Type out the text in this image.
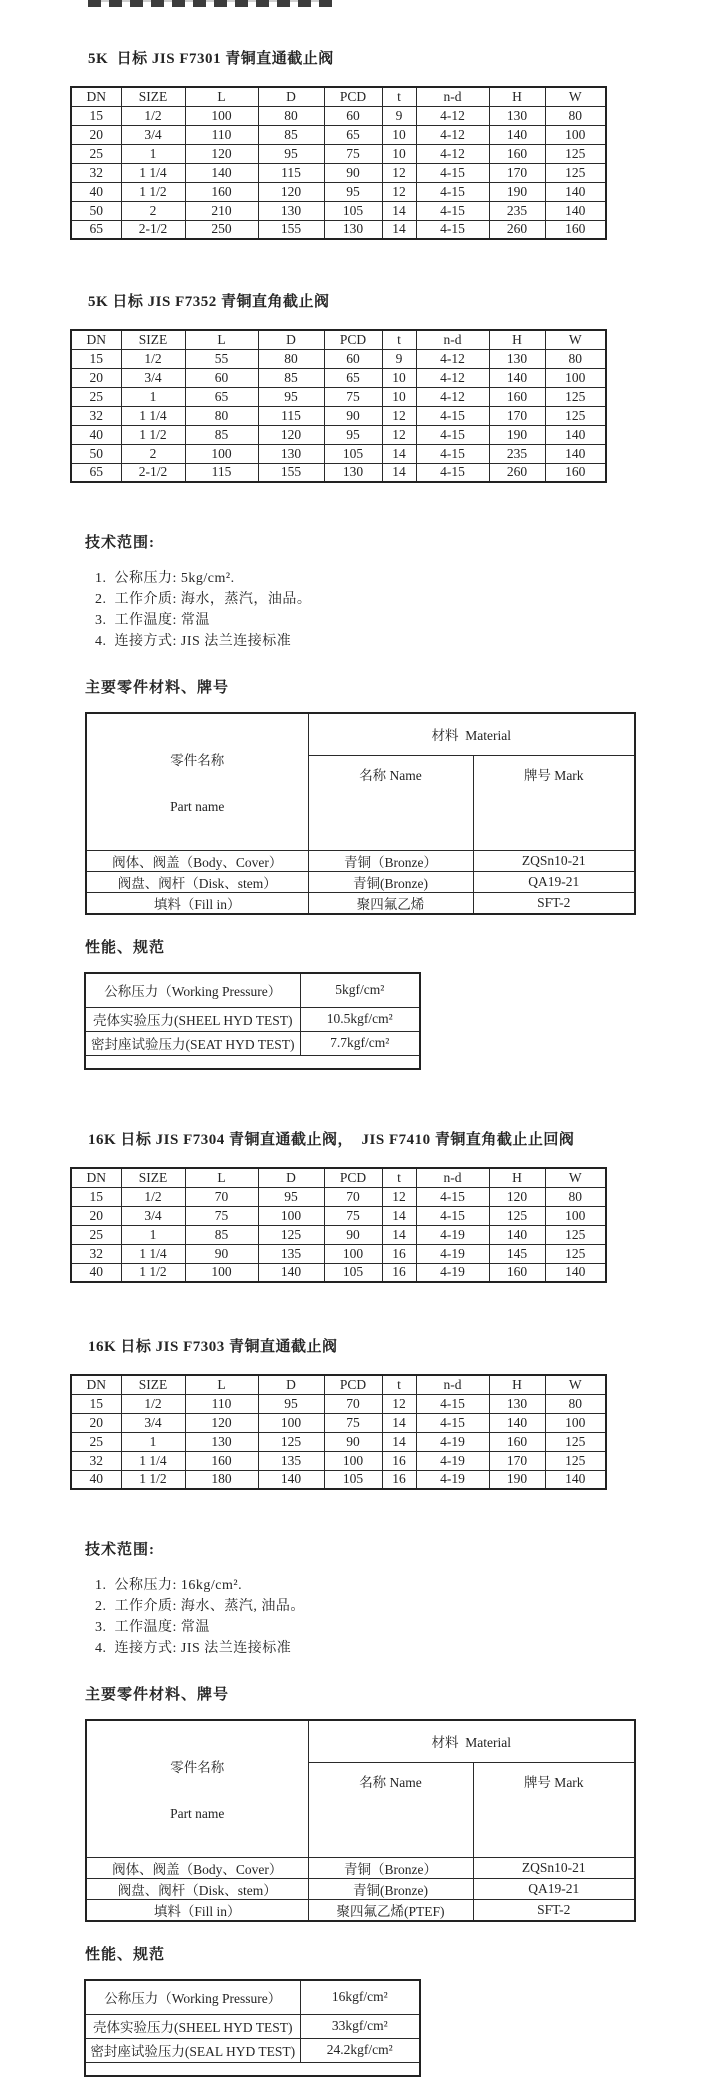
5K  日标 JIS F7301 青铜直通截止阀
DN	SIZE	L	D	PCD	t	n-d	H	W
15	1/2	100	80	60	9	4-12	130	80
20	3/4	110	85	65	10	4-12	140	100
25	1	120	95	75	10	4-12	160	125
32	1 1/4	140	115	90	12	4-15	170	125
40	1 1/2	160	120	95	12	4-15	190	140
50	2	210	130	105	14	4-15	235	140
65	2-1/2	250	155	130	14	4-15	260	160
5K 日标 JIS F7352 青铜直角截止阀
DN	SIZE	L	D	PCD	t	n-d	H	W
15	1/2	55	80	60	9	4-12	130	80
20	3/4	60	85	65	10	4-12	140	100
25	1	65	95	75	10	4-12	160	125
32	1 1/4	80	115	90	12	4-15	170	125
40	1 1/2	85	120	95	12	4-15	190	140
50	2	100	130	105	14	4-15	235	140
65	2-1/2	115	155	130	14	4-15	260	160
技术范围:
1.  公称压力: 5kg/cm².
2.  工作介质: 海水，蒸汽，油品。
3.  工作温度: 常温
4.  连接方式: JIS 法兰连接标准
主要零件材料、牌号

零件名称
Part name	材料  Material	
	名称 Name	牌号 Mark
阀体、阀盖（Body、Cover）	青铜（Bronze）	ZQSn10-21
阀盘、阀杆（Disk、stem）	青铜(Bronze)	QA19-21
填料（Fill in）	聚四氟乙烯	SFT-2
性能、规范
公称压力（Working Pressure）	5kgf/cm²
壳体实验压力(SHEEL HYD TEST)	10.5kgf/cm²
密封座试验压力(SEAT HYD TEST)	7.7kgf/cm²

16K 日标 JIS F7304 青铜直通截止阀，  JIS F7410 青铜直角截止止回阀
DN	SIZE	L	D	PCD	t	n-d	H	W
15	1/2	70	95	70	12	4-15	120	80
20	3/4	75	100	75	14	4-15	125	100
25	1	85	125	90	14	4-19	140	125
32	1 1/4	90	135	100	16	4-19	145	125
40	1 1/2	100	140	105	16	4-19	160	140
16K 日标 JIS F7303 青铜直通截止阀
DN	SIZE	L	D	PCD	t	n-d	H	W
15	1/2	110	95	70	12	4-15	130	80
20	3/4	120	100	75	14	4-15	140	100
25	1	130	125	90	14	4-19	160	125
32	1 1/4	160	135	100	16	4-19	170	125
40	1 1/2	180	140	105	16	4-19	190	140
技术范围:
1.  公称压力: 16kg/cm².
2.  工作介质: 海水、蒸汽, 油品。
3.  工作温度: 常温
4.  连接方式: JIS 法兰连接标准
主要零件材料、牌号

零件名称
Part name	材料  Material	
	名称 Name	牌号 Mark
阀体、阀盖（Body、Cover）	青铜（Bronze）	ZQSn10-21
阀盘、阀杆（Disk、stem）	青铜(Bronze)	QA19-21
填料（Fill in）	聚四氟乙烯(PTEF)	SFT-2
性能、规范
公称压力（Working Pressure）	16kgf/cm²
壳体实验压力(SHEEL HYD TEST)	33kgf/cm²
密封座试验压力(SEAL HYD TEST)	24.2kgf/cm²
